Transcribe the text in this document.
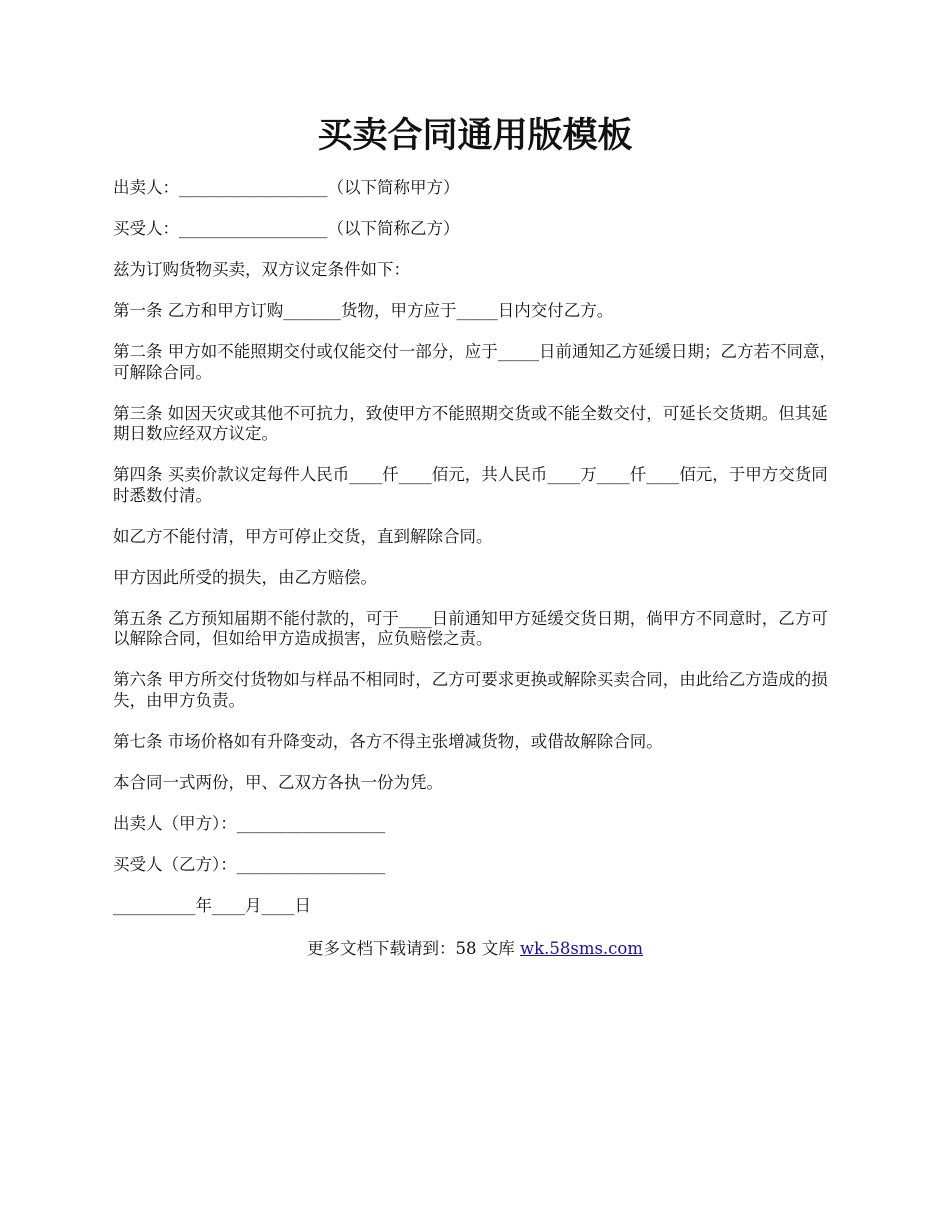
买卖合同通用版模板

出卖人：__________________（以下简称甲方）

买受人：__________________（以下简称乙方）

兹为订购货物买卖，双方议定条件如下：

第一条 乙方和甲方订购_______货物，甲方应于_____日内交付乙方。

第二条 甲方如不能照期交付或仅能交付一部分，应于_____日前通知乙方延缓日期；乙方若不同意，可解除合同。

第三条 如因天灾或其他不可抗力，致使甲方不能照期交货或不能全数交付，可延长交货期。但其延期日数应经双方议定。

第四条 买卖价款议定每件人民币____仟____佰元，共人民币____万____仟____佰元，于甲方交货同时悉数付清。

如乙方不能付清，甲方可停止交货，直到解除合同。

甲方因此所受的损失，由乙方赔偿。

第五条 乙方预知届期不能付款的，可于____日前通知甲方延缓交货日期，倘甲方不同意时，乙方可以解除合同，但如给甲方造成损害，应负赔偿之责。

第六条 甲方所交付货物如与样品不相同时，乙方可要求更换或解除买卖合同，由此给乙方造成的损失，由甲方负责。

第七条 市场价格如有升降变动，各方不得主张增减货物，或借故解除合同。

本合同一式两份，甲、乙双方各执一份为凭。

出卖人（甲方）：__________________

买受人（乙方）：__________________

__________年____月____日

更多文档下载请到：58 文库 wk.58sms.com
